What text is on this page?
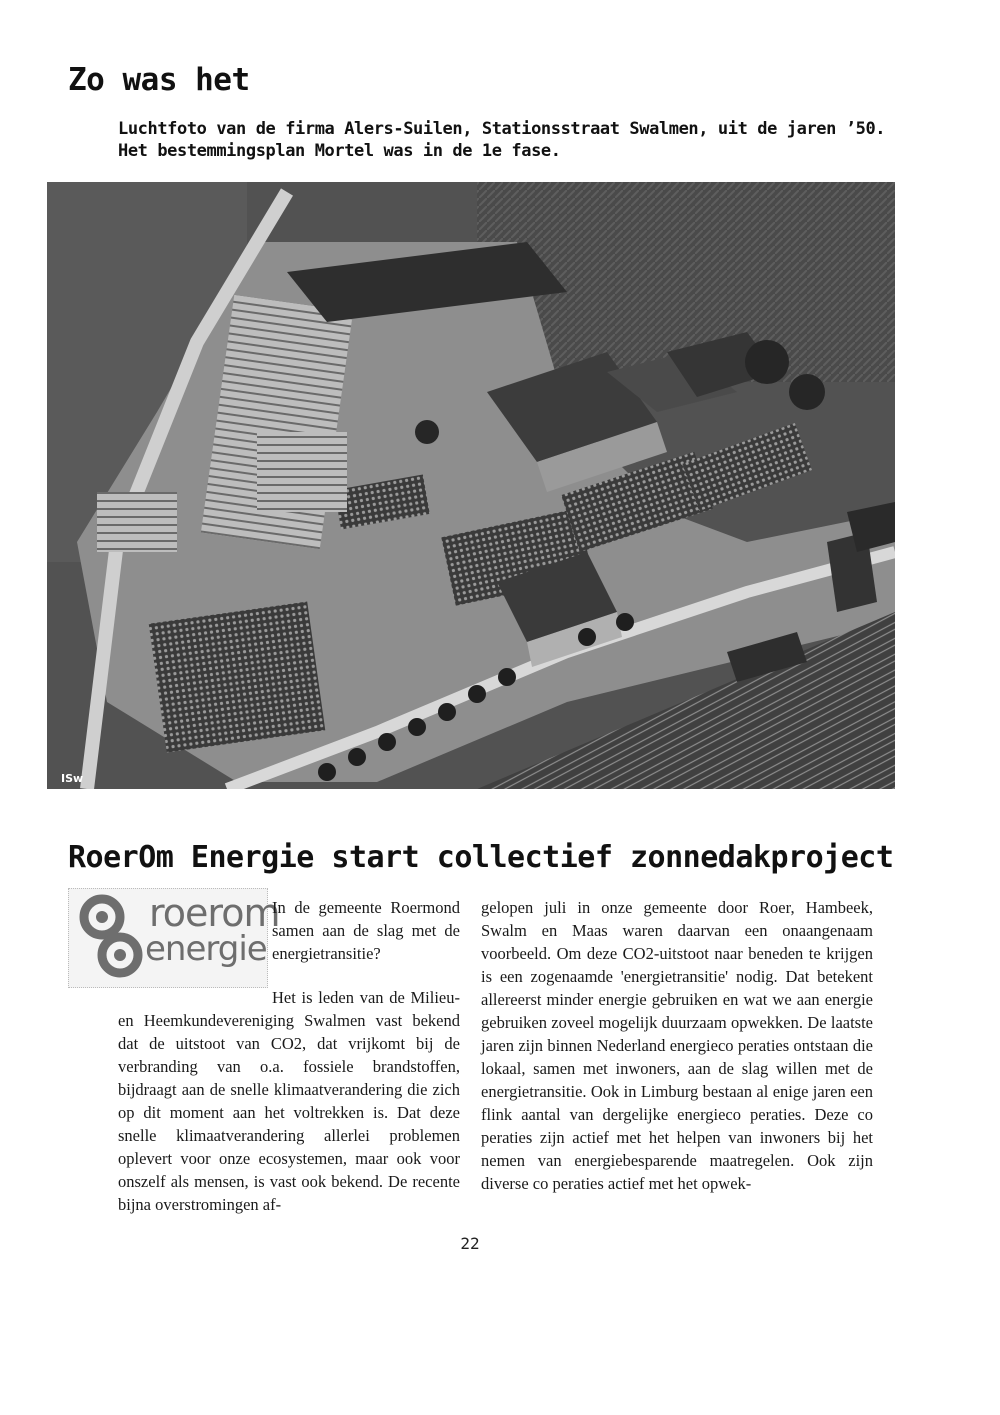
Zo was het

Luchtfoto van de firma Alers-Suilen, Stationsstraat Swalmen, uit de jaren ’50. Het bestemmingsplan Mortel was in de 1e fase.

ISw
RoerOm Energie start collectief zonnedakproject
roerom
energie

In de gemeente Roermond samen aan de slag met de energietransitie?

Het is leden van de Milieu- en Heemkundevereniging Swalmen vast bekend dat de uitstoot van CO2, dat vrijkomt bij de verbranding van o.a. fossiele brandstoffen, bijdraagt aan de snelle klimaatverandering die zich op dit moment aan het voltrekken is. Dat deze snelle klimaatverandering allerlei problemen oplevert voor onze ecosystemen, maar ook voor onszelf als mensen, is vast ook bekend. De recente bijna overstromingen af-

gelopen juli in onze gemeente door Roer, Hambeek, Swalm en Maas waren daarvan een onaangenaam voorbeeld. Om deze CO2-uitstoot naar beneden te krijgen is een zogenaamde 'energietransitie' nodig. Dat betekent allereerst minder energie gebruiken en wat we aan energie gebruiken zoveel mogelijk duurzaam opwekken. De laatste jaren zijn binnen Nederland energieco peraties ontstaan die lokaal, samen met inwoners, aan de slag willen met de energietransitie. Ook in Limburg bestaan al enige jaren een flink aantal van dergelijke energieco peraties. Deze co peraties zijn actief met het helpen van inwoners bij het nemen van energiebesparende maatregelen. Ook zijn diverse co peraties actief met het opwek-

22
